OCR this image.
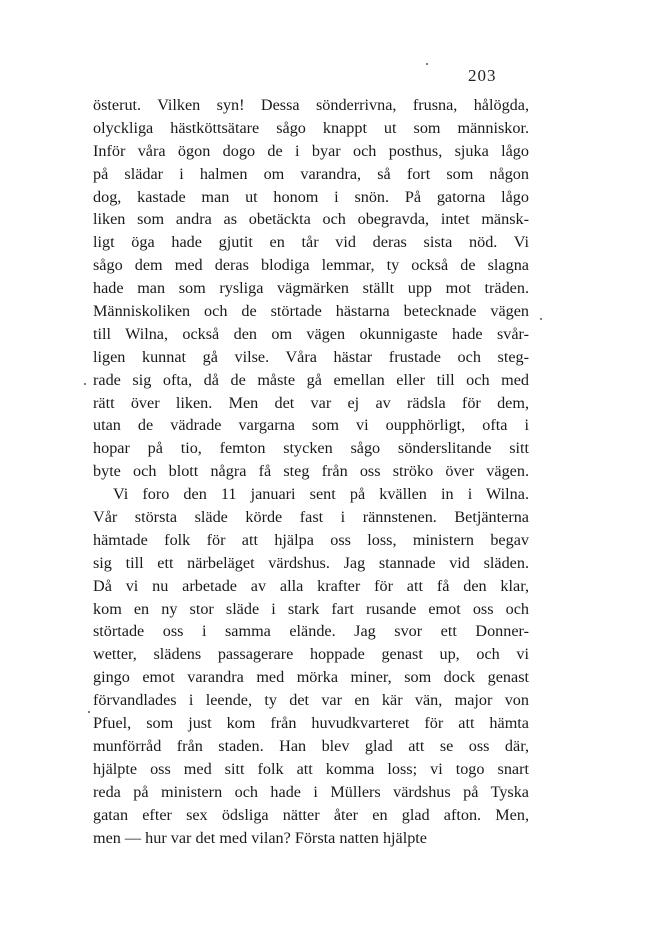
203
österut. Vilken syn! Dessa sönderrivna, frusna, hålögda,
olyckliga hästköttsätare sågo knappt ut som människor.
Inför våra ögon dogo de i byar och posthus, sjuka lågo
på slädar i halmen om varandra, så fort som någon
dog, kastade man ut honom i snön. På gatorna lågo
liken som andra as obetäckta och obegravda, intet mänsk-
ligt öga hade gjutit en tår vid deras sista nöd. Vi
sågo dem med deras blodiga lemmar, ty också de slagna
hade man som rysliga vägmärken ställt upp mot träden.
Människoliken och de störtade hästarna betecknade vägen
till Wilna, också den om vägen okunnigaste hade svår-
ligen kunnat gå vilse. Våra hästar frustade och steg-
rade sig ofta, då de måste gå emellan eller till och med
rätt över liken. Men det var ej av rädsla för dem,
utan de vädrade vargarna som vi oupphörligt, ofta i
hopar på tio, femton stycken sågo sönderslitande sitt
byte och blott några få steg från oss ströko över vägen.
Vi foro den 11 januari sent på kvällen in i Wilna.
Vår största släde körde fast i rännstenen. Betjänterna
hämtade folk för att hjälpa oss loss, ministern begav
sig till ett närbeläget värdshus. Jag stannade vid släden.
Då vi nu arbetade av alla krafter för att få den klar,
kom en ny stor släde i stark fart rusande emot oss och
störtade oss i samma elände. Jag svor ett Donner-
wetter, slädens passagerare hoppade genast up, och vi
gingo emot varandra med mörka miner, som dock genast
förvandlades i leende, ty det var en kär vän, major von
Pfuel, som just kom från huvudkvarteret för att hämta
munförråd från staden. Han blev glad att se oss där,
hjälpte oss med sitt folk att komma loss; vi togo snart
reda på ministern och hade i Müllers värdshus på Tyska
gatan efter sex ödsliga nätter åter en glad afton. Men,
men — hur var det med vilan? Första natten hjälpte
